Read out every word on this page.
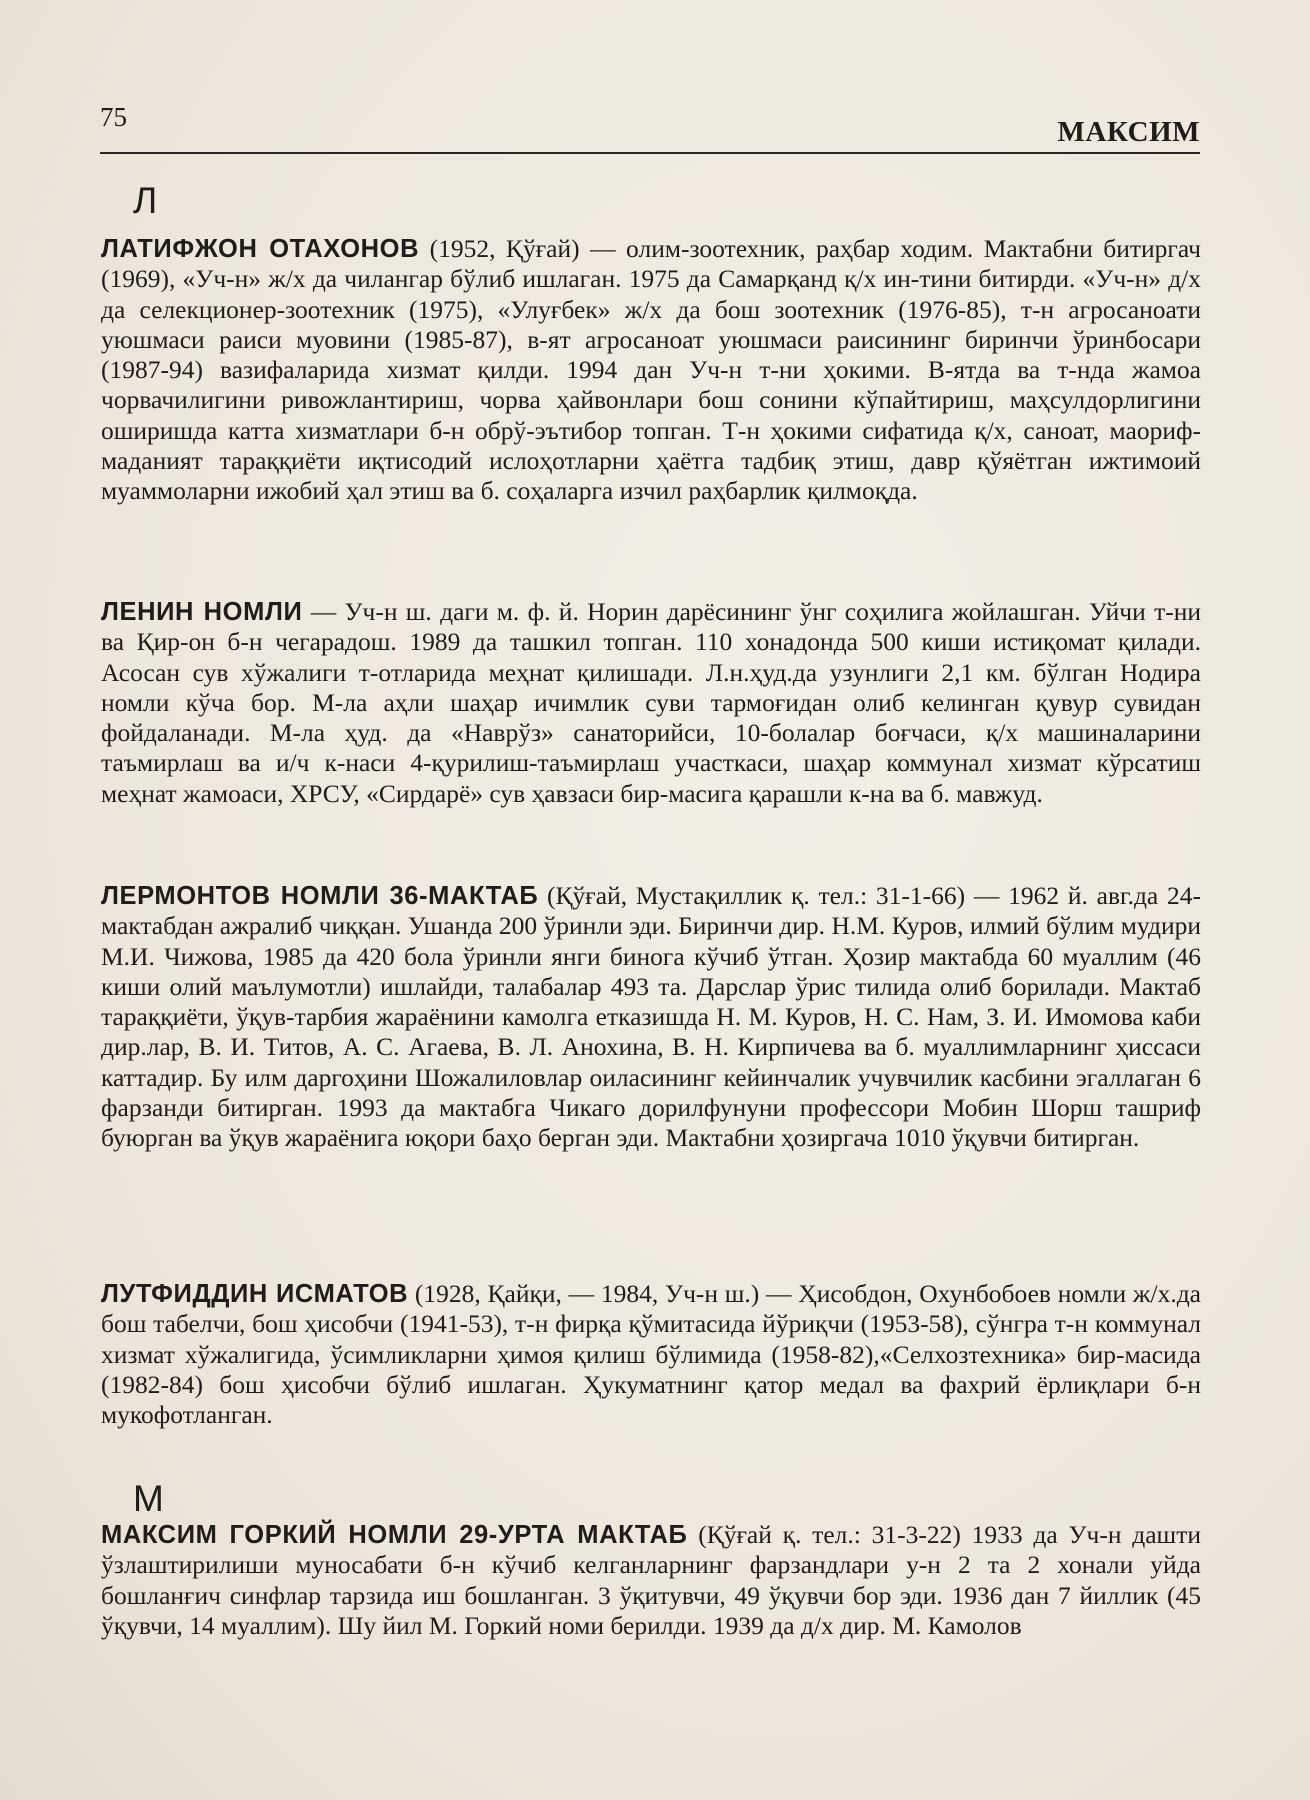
75	МАКСИМ
Л

ЛАТИФЖОН ОТАХОНОВ (1952, Қўғай) — олим-зоотехник, раҳбар ходим. Мактабни битиргач (1969), «Уч-н» ж/х да чилангар бўлиб ишлаган. 1975 да Самарқанд қ/х ин-тини битирди. «Уч-н» д/х да селекционер-зоотехник (1975), «Улуғбек» ж/х да бош зоотехник (1976-85), т-н агросаноати уюшмаси раиси муовини (1985-87), в-ят агросаноат уюшмаси раисининг биринчи ўринбосари (1987-94) вазифаларида хизмат қилди. 1994 дан Уч-н т-ни ҳокими. В-ятда ва т-нда жамоа чорвачилигини ривожлантириш, чорва ҳайвонлари бош сонини кўпайтириш, маҳсулдорлигини оширишда катта хизматлари б-н обрў-эътибор топган. Т-н ҳокими сифатида қ/х, саноат, маориф-маданият тараққиёти иқтисодий ислоҳотларни ҳаётга тадбиқ этиш, давр қўяётган ижтимоий муаммоларни ижобий ҳал этиш ва б. соҳаларга изчил раҳбарлик қилмоқда.

ЛЕНИН НОМЛИ — Уч-н ш. даги м. ф. й. Норин дарёсининг ўнг соҳилига жойлашган. Уйчи т-ни ва Қир-он б-н чегарадош. 1989 да ташкил топган. 110 хонадонда 500 киши истиқомат қилади. Асосан сув хўжалиги т-отларида меҳнат қилишади. Л.н.ҳуд.да узунлиги 2,1 км. бўлган Нодира номли кўча бор. М-ла аҳли шаҳар ичимлик суви тармоғидан олиб келинган қувур сувидан фойдаланади. М-ла ҳуд. да «Наврўз» санаторийси, 10-болалар боғчаси, қ/х машиналарини таъмирлаш ва и/ч к-наси 4-қурилиш-таъмирлаш участкаси, шаҳар коммунал хизмат кўрсатиш меҳнат жамоаси, ХРСУ, «Сирдарё» сув ҳавзаси бир-масига қарашли к-на ва б. мавжуд.

ЛЕРМОНТОВ НОМЛИ 36-МАКТАБ (Қўғай, Мустақиллик қ. тел.: 31-1-66) — 1962 й. авг.да 24-мактабдан ажралиб чиққан. Ушанда 200 ўринли эди. Биринчи дир. Н.М. Куров, илмий бўлим мудири М.И. Чижова, 1985 да 420 бола ўринли янги бинога кўчиб ўтган. Ҳозир мактабда 60 муаллим (46 киши олий маълумотли) ишлайди, талабалар 493 та. Дарслар ўрис тилида олиб борилади. Мактаб тараққиёти, ўқув-тарбия жараёнини камолга етказишда Н. М. Куров, Н. С. Нам, З. И. Имомова каби дир.лар, В. И. Титов, А. С. Агаева, В. Л. Анохина, В. Н. Кирпичева ва б. муаллимларнинг ҳиссаси каттадир. Бу илм даргоҳини Шожалиловлар оиласининг кейинчалик учувчилик касбини эгаллаган 6 фарзанди битирган. 1993 да мактабга Чикаго дорилфунуни профессори Мобин Шорш ташриф буюрган ва ўқув жараёнига юқори баҳо берган эди. Мактабни ҳозиргача 1010 ўқувчи битирган.

ЛУТФИДДИН ИСМАТОВ (1928, Қайқи, — 1984, Уч-н ш.) — Ҳисобдон, Охунбобоев номли ж/х.да бош табелчи, бош ҳисобчи (1941-53), т-н фирқа қўмитасида йўриқчи (1953-58), сўнгра т-н коммунал хизмат хўжалигида, ўсимликларни ҳимоя қилиш бўлимида (1958-82),«Селхозтехника» бир-масида (1982-84) бош ҳисобчи бўлиб ишлаган. Ҳукуматнинг қатор медал ва фахрий ёрлиқлари б-н мукофотланган.

М

МАКСИМ ГОРКИЙ НОМЛИ 29-УРТА МАКТАБ (Қўғай қ. тел.: 31-3-22) 1933 да Уч-н дашти ўзлаштирилиши муносабати б-н кўчиб келганларнинг фарзандлари у-н 2 та 2 хонали уйда бошланғич синфлар тарзида иш бошланган. 3 ўқитувчи, 49 ўқувчи бор эди. 1936 дан 7 йиллик (45 ўқувчи, 14 муаллим). Шу йил М. Горкий номи берилди. 1939 да д/х дир. М. Камолов
